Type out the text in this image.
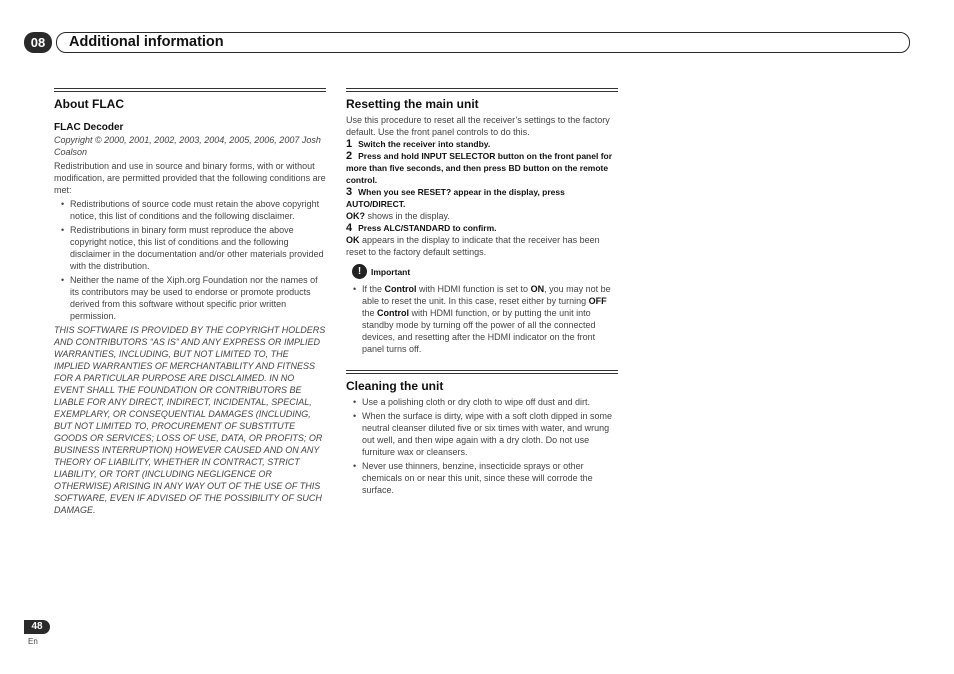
08	Additional information
About FLAC
FLAC Decoder

Copyright © 2000, 2001, 2002, 2003, 2004, 2005, 2006, 2007 Josh Coalson

Redistribution and use in source and binary forms, with or without modification, are permitted provided that the following conditions are met:

• Redistributions of source code must retain the above copyright notice, this list of conditions and the following disclaimer.
• Redistributions in binary form must reproduce the above copyright notice, this list of conditions and the following disclaimer in the documentation and/or other materials provided with the distribution.
• Neither the name of the Xiph.org Foundation nor the names of its contributors may be used to endorse or promote products derived from this software without specific prior written permission.

THIS SOFTWARE IS PROVIDED BY THE COPYRIGHT HOLDERS AND CONTRIBUTORS “AS IS” AND ANY EXPRESS OR IMPLIED WARRANTIES, INCLUDING, BUT NOT LIMITED TO, THE IMPLIED WARRANTIES OF MERCHANTABILITY AND FITNESS FOR A PARTICULAR PURPOSE ARE DISCLAIMED. IN NO EVENT SHALL THE FOUNDATION OR CONTRIBUTORS BE LIABLE FOR ANY DIRECT, INDIRECT, INCIDENTAL, SPECIAL, EXEMPLARY, OR CONSEQUENTIAL DAMAGES (INCLUDING, BUT NOT LIMITED TO, PROCUREMENT OF SUBSTITUTE GOODS OR SERVICES; LOSS OF USE, DATA, OR PROFITS; OR BUSINESS INTERRUPTION) HOWEVER CAUSED AND ON ANY THEORY OF LIABILITY, WHETHER IN CONTRACT, STRICT LIABILITY, OR TORT (INCLUDING NEGLIGENCE OR OTHERWISE) ARISING IN ANY WAY OUT OF THE USE OF THIS SOFTWARE, EVEN IF ADVISED OF THE POSSIBILITY OF SUCH DAMAGE.

Resetting the main unit

Use this procedure to reset all the receiver’s settings to the factory default. Use the front panel controls to do this.

1 Switch the receiver into standby.
2 Press and hold INPUT SELECTOR button on the front panel for more than five seconds, and then press BD button on the remote control.
3 When you see RESET? appear in the display, press AUTO/DIRECT.

OK? shows in the display.

4 Press ALC/STANDARD to confirm.

OK appears in the display to indicate that the receiver has been reset to the factory default settings.

!	Important
• If the Control with HDMI function is set to ON, you may not be able to reset the unit. In this case, reset either by turning OFF the Control with HDMI function, or by putting the unit into standby mode by turning off the power of all the connected devices, and resetting after the HDMI indicator on the front panel turns off.
Cleaning the unit
• Use a polishing cloth or dry cloth to wipe off dust and dirt.
• When the surface is dirty, wipe with a soft cloth dipped in some neutral cleanser diluted five or six times with water, and wrung out well, and then wipe again with a dry cloth. Do not use furniture wax or cleansers.
• Never use thinners, benzine, insecticide sprays or other chemicals on or near this unit, since these will corrode the surface.
48
En
